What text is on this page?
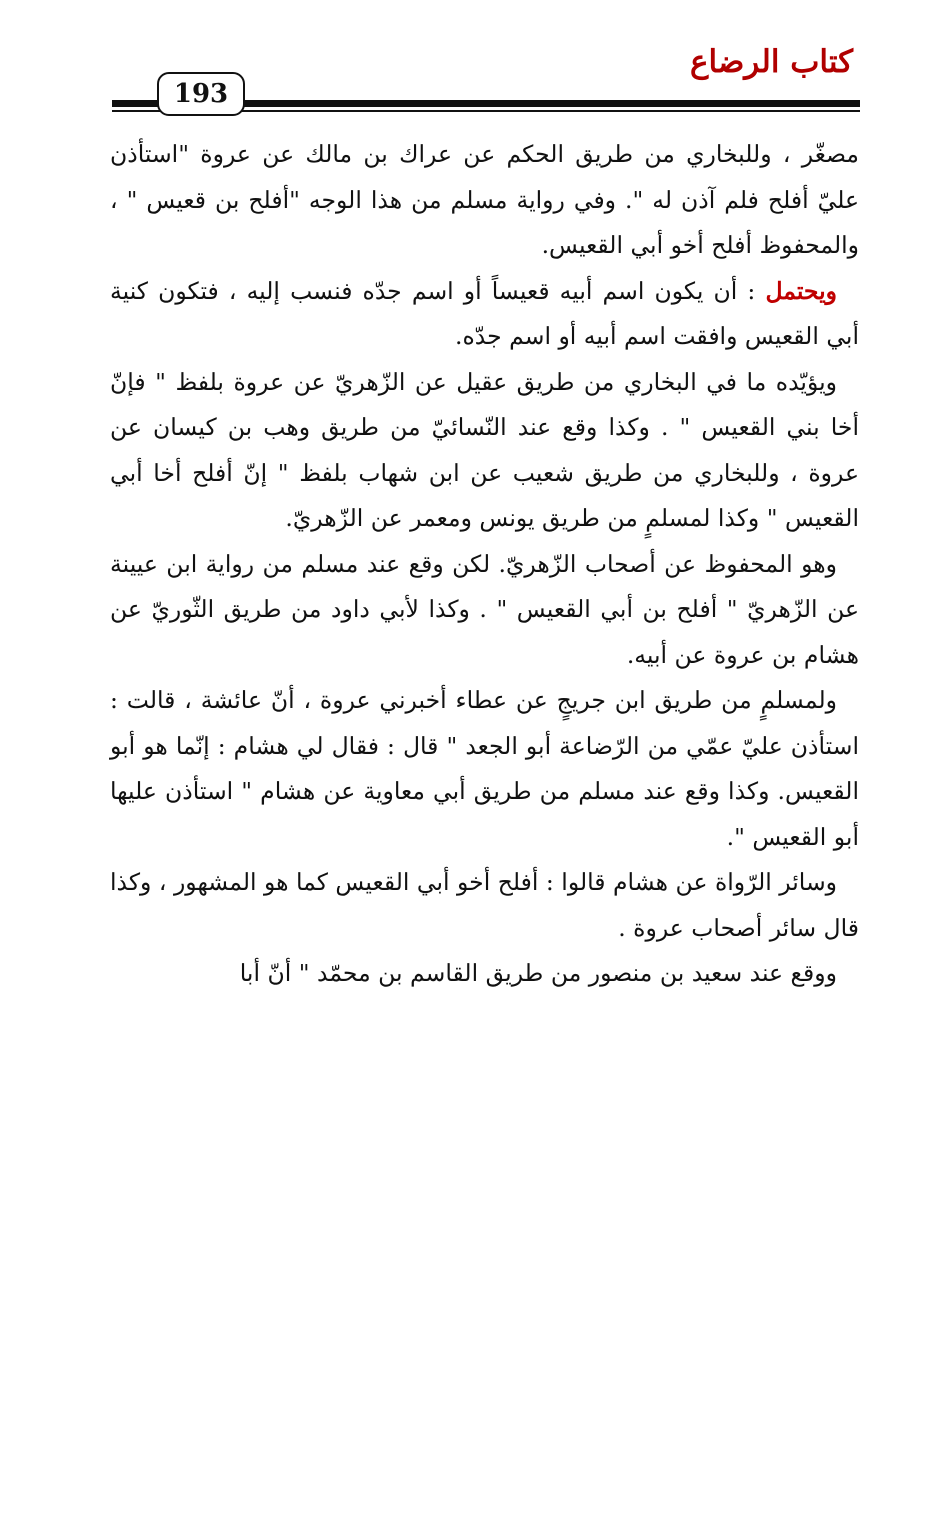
كتاب الرضاع
193

مصغّر ، وللبخاري من طريق الحكم عن عراك بن مالك عن عروة "استأذن عليّ أفلح فلم آذن له ". وفي رواية مسلم من هذا الوجه "أفلح بن قعيس " ، والمحفوظ أفلح أخو أبي القعيس.

ويحتمل : أن يكون اسم أبيه قعيساً أو اسم جدّه فنسب إليه ، فتكون كنية أبي القعيس وافقت اسم أبيه أو اسم جدّه.

ويؤيّده ما في البخاري من طريق عقيل عن الزّهريّ عن عروة بلفظ " فإنّ أخا بني القعيس " . وكذا وقع عند النّسائيّ من طريق وهب بن كيسان عن عروة ، وللبخاري من طريق شعيب عن ابن شهاب بلفظ " إنّ أفلح أخا أبي القعيس " وكذا لمسلمٍ من طريق يونس ومعمر عن الزّهريّ.

وهو المحفوظ عن أصحاب الزّهريّ. لكن وقع عند مسلم من رواية ابن عيينة عن الزّهريّ " أفلح بن أبي القعيس " . وكذا لأبي داود من طريق الثّوريّ عن هشام بن عروة عن أبيه.

ولمسلمٍ من طريق ابن جريجٍ عن عطاء أخبرني عروة ، أنّ عائشة ، قالت : استأذن عليّ عمّي من الرّضاعة أبو الجعد " قال : فقال لي هشام : إنّما هو أبو القعيس. وكذا وقع عند مسلم من طريق أبي معاوية عن هشام " استأذن عليها أبو القعيس ".

وسائر الرّواة عن هشام قالوا : أفلح أخو أبي القعيس كما هو المشهور ، وكذا قال سائر أصحاب عروة .

ووقع عند سعيد بن منصور من طريق القاسم بن محمّد " أنّ أبا
